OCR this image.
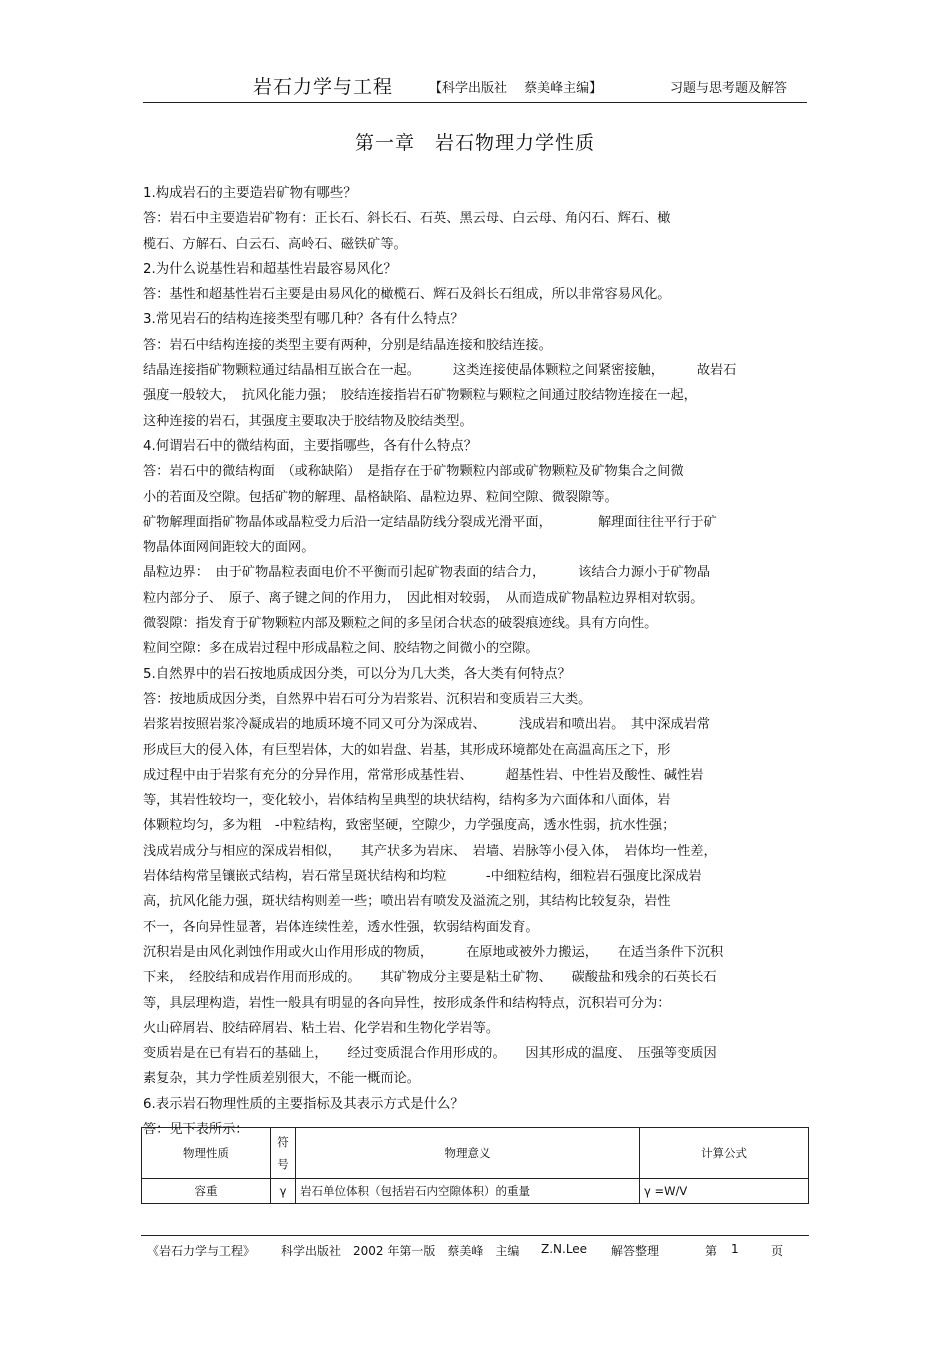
岩石力学与工程	【科学出版社　 蔡美峰主编】	习题与思考题及解答
第一章　岩石物理力学性质

1.构成岩石的主要造岩矿物有哪些？

答：岩石中主要造岩矿物有：正长石、斜长石、石英、黑云母、白云母、角闪石、辉石、橄

榄石、方解石、白云石、高岭石、磁铁矿等。

2.为什么说基性岩和超基性岩最容易风化？

答：基性和超基性岩石主要是由易风化的橄榄石、辉石及斜长石组成，所以非常容易风化。

3.常见岩石的结构连接类型有哪几种？各有什么特点？

答：岩石中结构连接的类型主要有两种，分别是结晶连接和胶结连接。

结晶连接指矿物颗粒通过结晶相互嵌合在一起。　　　这类连接使晶体颗粒之间紧密接触，　　　故岩石

强度一般较大，　抗风化能力强；　胶结连接指岩石矿物颗粒与颗粒之间通过胶结物连接在一起，

这种连接的岩石，其强度主要取决于胶结物及胶结类型。

4.何谓岩石中的微结构面，主要指哪些，各有什么特点？

答：岩石中的微结构面　（或称缺陷）　是指存在于矿物颗粒内部或矿物颗粒及矿物集合之间微

小的若面及空隙。包括矿物的解理、晶格缺陷、晶粒边界、粒间空隙、微裂隙等。

矿物解理面指矿物晶体或晶粒受力后沿一定结晶防线分裂成光滑平面，　　　　解理面往往平行于矿

物晶体面网间距较大的面网。

晶粒边界：　由于矿物晶粒表面电价不平衡而引起矿物表面的结合力，　　　该结合力源小于矿物晶

粒内部分子、　原子、离子键之间的作用力，　因此相对较弱，　从而造成矿物晶粒边界相对软弱。

微裂隙：指发育于矿物颗粒内部及颗粒之间的多呈闭合状态的破裂痕迹线。具有方向性。

粒间空隙：多在成岩过程中形成晶粒之间、胶结物之间微小的空隙。

5.自然界中的岩石按地质成因分类，可以分为几大类，各大类有何特点？

答：按地质成因分类，自然界中岩石可分为岩浆岩、沉积岩和变质岩三大类。

岩浆岩按照岩浆冷凝成岩的地质环境不同又可分为深成岩、　　　浅成岩和喷出岩。　其中深成岩常

形成巨大的侵入体，有巨型岩体，大的如岩盘、岩基，其形成环境都处在高温高压之下，形

成过程中由于岩浆有充分的分异作用，常常形成基性岩、　　　超基性岩、中性岩及酸性、碱性岩

等，其岩性较均一，变化较小，岩体结构呈典型的块状结构，结构多为六面体和八面体，岩

体颗粒均匀，多为粗　-中粒结构，致密坚硬，空隙少，力学强度高，透水性弱，抗水性强；

浅成岩成分与相应的深成岩相似，　　其产状多为岩床、　岩墙、岩脉等小侵入体，　岩体均一性差，

岩体结构常呈镶嵌式结构，岩石常呈斑状结构和均粒　　　-中细粒结构，细粒岩石强度比深成岩

高，抗风化能力强，斑状结构则差一些；喷出岩有喷发及溢流之别，其结构比较复杂，岩性

不一，各向异性显著，岩体连续性差，透水性强，软弱结构面发育。

沉积岩是由风化剥蚀作用或火山作用形成的物质，　　　在原地或被外力搬运，　　在适当条件下沉积

下来，　经胶结和成岩作用而形成的。　　其矿物成分主要是粘土矿物、　　碳酸盐和残余的石英长石

等，具层理构造，岩性一般具有明显的各向异性，按形成条件和结构特点，沉积岩可分为：

火山碎屑岩、胶结碎屑岩、粘土岩、化学岩和生物化学岩等。

变质岩是在已有岩石的基础上，　　经过变质混合作用形成的。　　因其形成的温度、　压强等变质因

素复杂，其力学性质差别很大，不能一概而论。

6.表示岩石物理性质的主要指标及其表示方式是什么？

答：见下表所示：

物理性质	符
号	物理意义	计算公式
容重	γ	岩石单位体积（包括岩石内空隙体积）的重量	γ =W/V
《岩石力学与工程》 科学出版社　2002 年第一版　蔡美峰　主编 Z.N.Lee 解答整理	第 1	页
